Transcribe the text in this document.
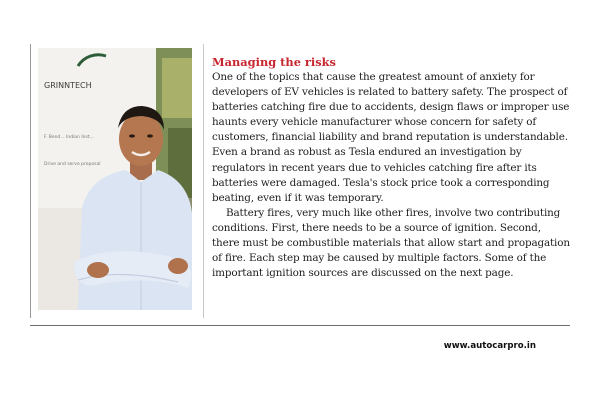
GRINNTECH
F. Bend... Indian Inst...
Drive and serve proposal
Managing the risks

One of the topics that cause the greatest amount of anxiety for developers of EV vehicles is related to battery safety. The prospect of batteries catching fire due to accidents, design flaws or improper use haunts every vehicle manufacturer whose concern for safety of customers, financial liability and brand reputation is understandable. Even a brand as robust as Tesla endured an investigation by regulators in recent years due to vehicles catching fire after its batteries were damaged. Tesla's stock price took a corresponding beating, even if it was temporary.

Battery fires, very much like other fires, involve two contributing conditions. First, there needs to be a source of ignition. Second, there must be combustible materials that allow start and propagation of fire. Each step may be caused by multiple factors. Some of the important ignition sources are discussed on the next page.

www.autocarpro.in
